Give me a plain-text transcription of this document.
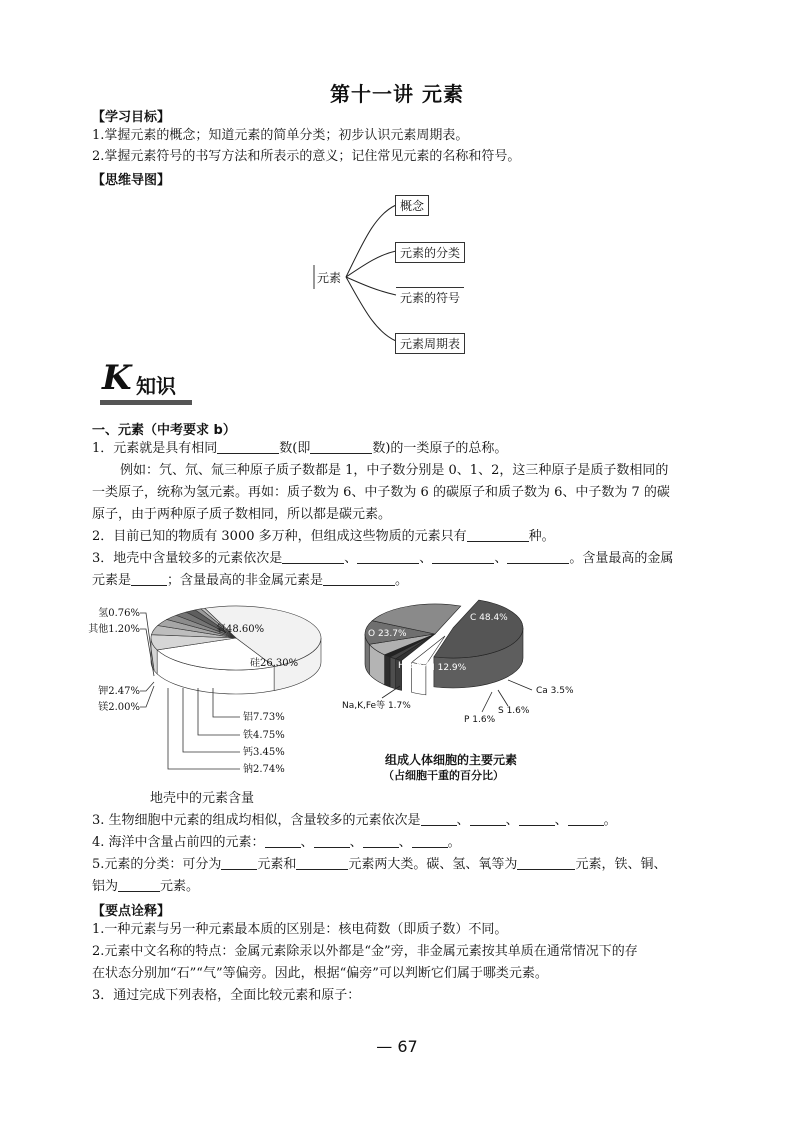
第十一讲 元素
【学习目标】
1.掌握元素的概念；知道元素的简单分类；初步认识元素周期表。
2.掌握元素符号的书写方法和所表示的意义；记住常见元素的名称和符号。
【思维导图】
元素
概念
元素的分类
元素的符号
元素周期表
K 知识
一、元素（中考要求 b）
1．元素就是具有相同	数(即	数)的一类原子的总称。
例如：氕、氘、氚三种原子质子数都是 1，中子数分别是 0、1、2，这三种原子是质子数相同的
一类原子，统称为氢元素。再如：质子数为 6、中子数为 6 的碳原子和质子数为 6、中子数为 7 的碳
原子，由于两种原子质子数相同，所以都是碳元素。
2．目前已知的物质有 3000 多万种，但组成这些物质的元素只有	种。
3．地壳中含量较多的元素依次是	、	、	、	。含量最高的金属
元素是	；含量最高的非金属元素是	。
氧48.60%
硅26.30%
铝7.73%
铁4.75%
钙3.45%
钠2.74%
氢0.76%
其他1.20%
钾2.47%
镁2.00%
地壳中的元素含量
C 48.4%
O 23.7%
N 12.9%
H 6.6%
Ca 3.5%
S 1.6%
P 1.6%
Na,K,Fe等 1.7%
组成人体细胞的主要元素
（占细胞干重的百分比）
3. 生物细胞中元素的组成均相似，含量较多的元素依次是	、	、	、	。
4. 海洋中含量占前四的元素：	、	、	、	。
5.元素的分类：可分为	元素和	元素两大类。碳、氢、氧等为	元素，铁、铜、
铝为	元素。
【要点诠释】
1.一种元素与另一种元素最本质的区别是：核电荷数（即质子数）不同。
2.元素中文名称的特点：金属元素除汞以外都是“金”旁，非金属元素按其单质在通常情况下的存
在状态分别加“石”“气”等偏旁。因此，根据“偏旁”可以判断它们属于哪类元素。
3．通过完成下列表格，全面比较元素和原子：
— 67
